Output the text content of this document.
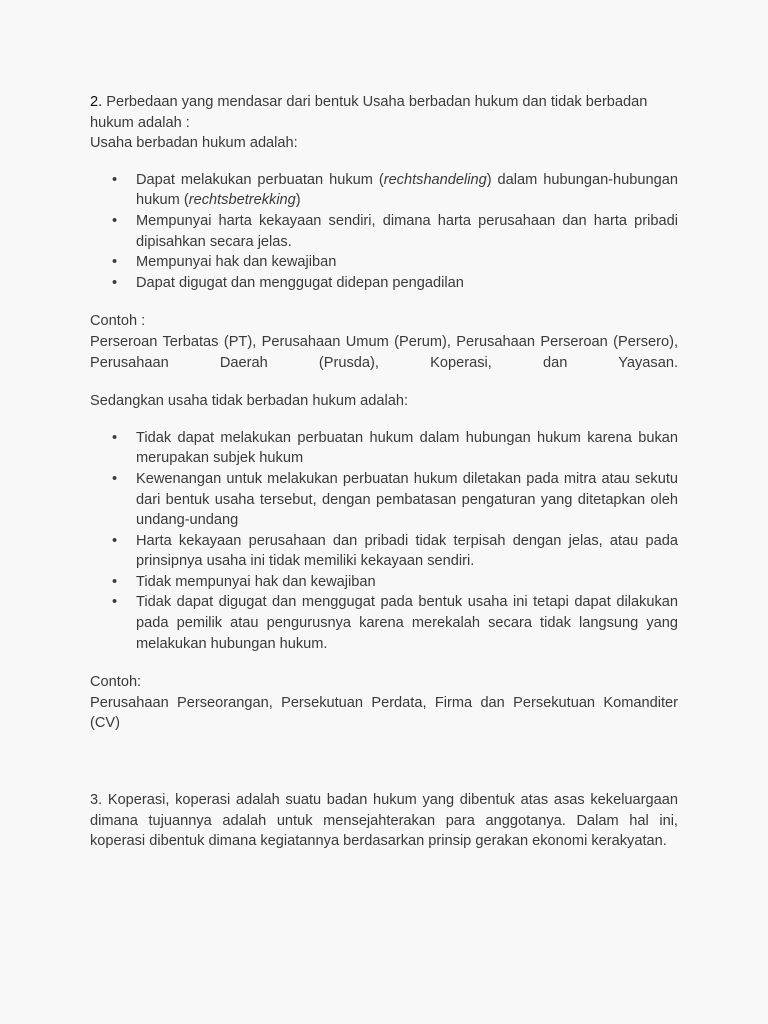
2. Perbedaan yang mendasar dari bentuk Usaha berbadan hukum dan tidak berbadan hukum adalah :

Usaha berbadan hukum adalah:

• Dapat melakukan perbuatan hukum (rechtshandeling) dalam hubungan-hubungan hukum (rechtsbetrekking)
• Mempunyai harta kekayaan sendiri, dimana harta perusahaan dan harta pribadi dipisahkan secara jelas.
• Mempunyai hak dan kewajiban
• Dapat digugat dan menggugat didepan pengadilan

Contoh :

Perseroan Terbatas (PT), Perusahaan Umum (Perum), Perusahaan Perseroan (Persero), Perusahaan Daerah (Prusda), Koperasi, dan Yayasan.

Sedangkan usaha tidak berbadan hukum adalah:

• Tidak dapat melakukan perbuatan hukum dalam hubungan hukum karena bukan merupakan subjek hukum
• Kewenangan untuk melakukan perbuatan hukum diletakan pada mitra atau sekutu dari bentuk usaha tersebut, dengan pembatasan pengaturan yang ditetapkan oleh undang-undang
• Harta kekayaan perusahaan dan pribadi tidak terpisah dengan jelas, atau pada prinsipnya usaha ini tidak memiliki kekayaan sendiri.
• Tidak mempunyai hak dan kewajiban
• Tidak dapat digugat dan menggugat pada bentuk usaha ini tetapi dapat dilakukan pada pemilik atau pengurusnya karena merekalah secara tidak langsung yang melakukan hubungan hukum.

Contoh:

Perusahaan Perseorangan, Persekutuan Perdata, Firma dan Persekutuan Komanditer (CV)

3. Koperasi, koperasi adalah suatu badan hukum yang dibentuk atas asas kekeluargaan dimana tujuannya adalah untuk mensejahterakan para anggotanya. Dalam hal ini, koperasi dibentuk dimana kegiatannya berdasarkan prinsip gerakan ekonomi kerakyatan.
